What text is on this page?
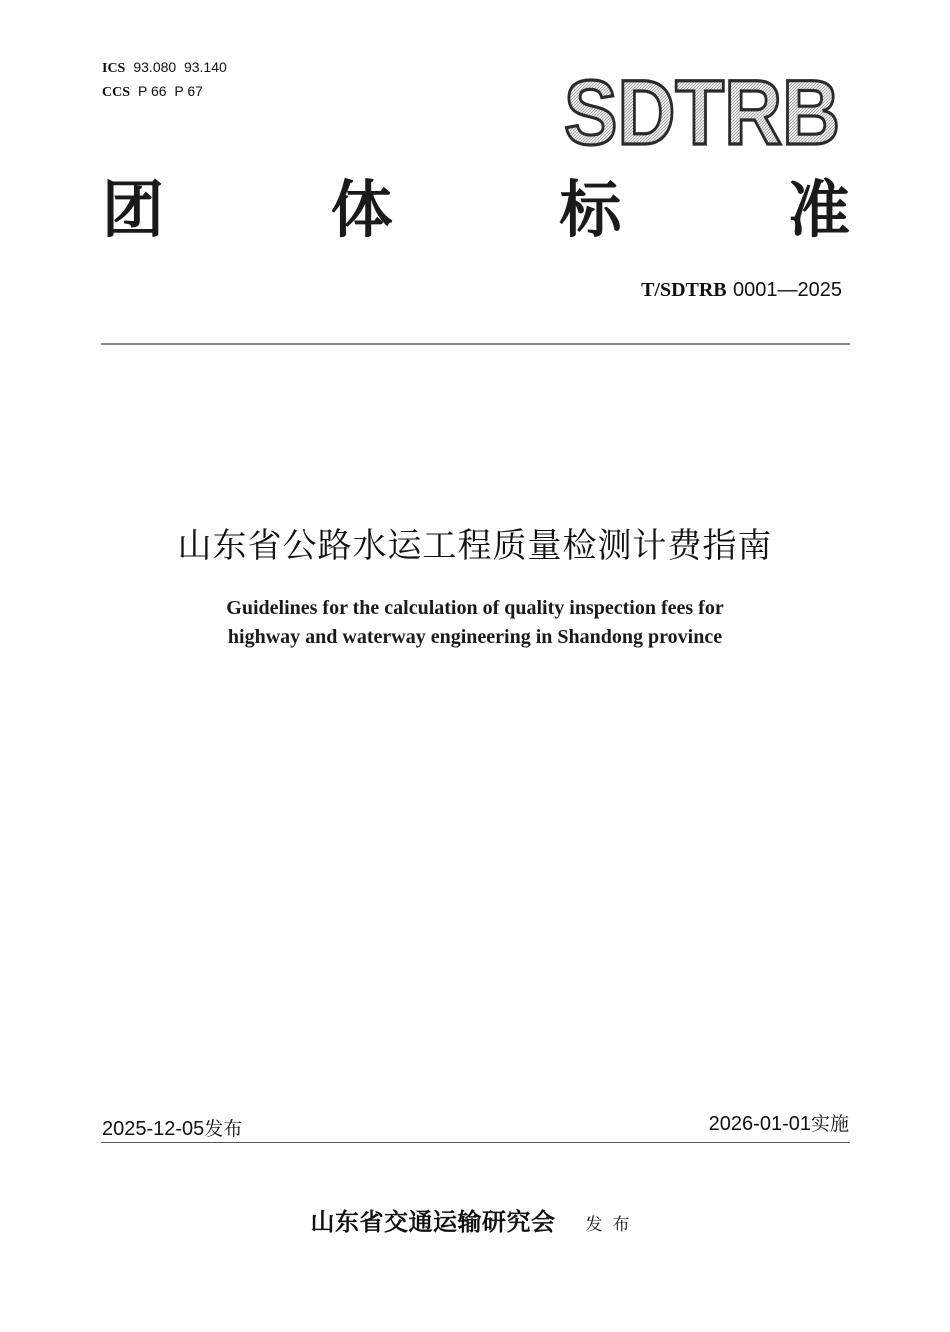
ICS 93.080  93.140
CCS P 66  P 67	SDTRB
团	体	标	准
T/SDTRB 0001—2025
山东省公路水运工程质量检测计费指南
Guidelines for the calculation of quality inspection fees for
highway and waterway engineering in Shandong province
2025-12-05发布	2026-01-01实施
山东省交通运输研究会 发布
